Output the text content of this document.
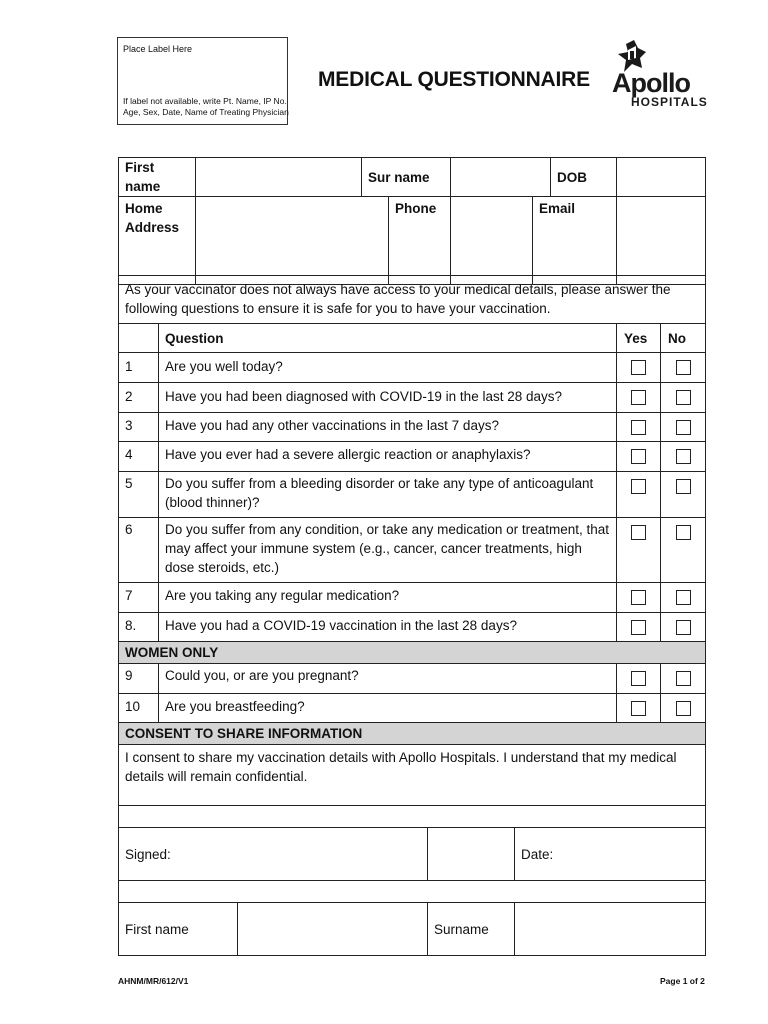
Place Label Here
If label not available, write Pt. Name, IP No. Age, Sex, Date, Name of Treating Physician
MEDICAL QUESTIONNAIRE Apollo
HOSPITALS
First name		Sur name				DOB	
Home Address			Phone		Email		
As your vaccinator does not always have access to your medical details, please answer the following questions to ensure it is safe for you to have your vaccination.			
	Question	Yes	No
1	Are you well today?		
2	Have you had been diagnosed with COVID-19 in the last 28 days?		
3	Have you had any other vaccinations in the last 7 days?		
4	Have you ever had a severe allergic reaction or anaphylaxis?		
5	Do you suffer from a bleeding disorder or take any type of anticoagulant (blood thinner)?		
6	Do you suffer from any condition, or take any medication or treatment, that may affect your immune system (e.g., cancer, cancer treatments, high dose steroids, etc.)		
7	Are you taking any regular medication?		
8.	Have you had a COVID-19 vaccination in the last 28 days?		
WOMEN ONLY			
9	Could you, or are you pregnant?		
10	Are you breastfeeding?		
CONSENT TO SHARE INFORMATION			
I consent to share my vaccination details with Apollo Hospitals. I understand that my medical details will remain confidential.			

Signed:			Date:

First name		Surname	
AHNM/MR/612/V1	Page 1 of 2
